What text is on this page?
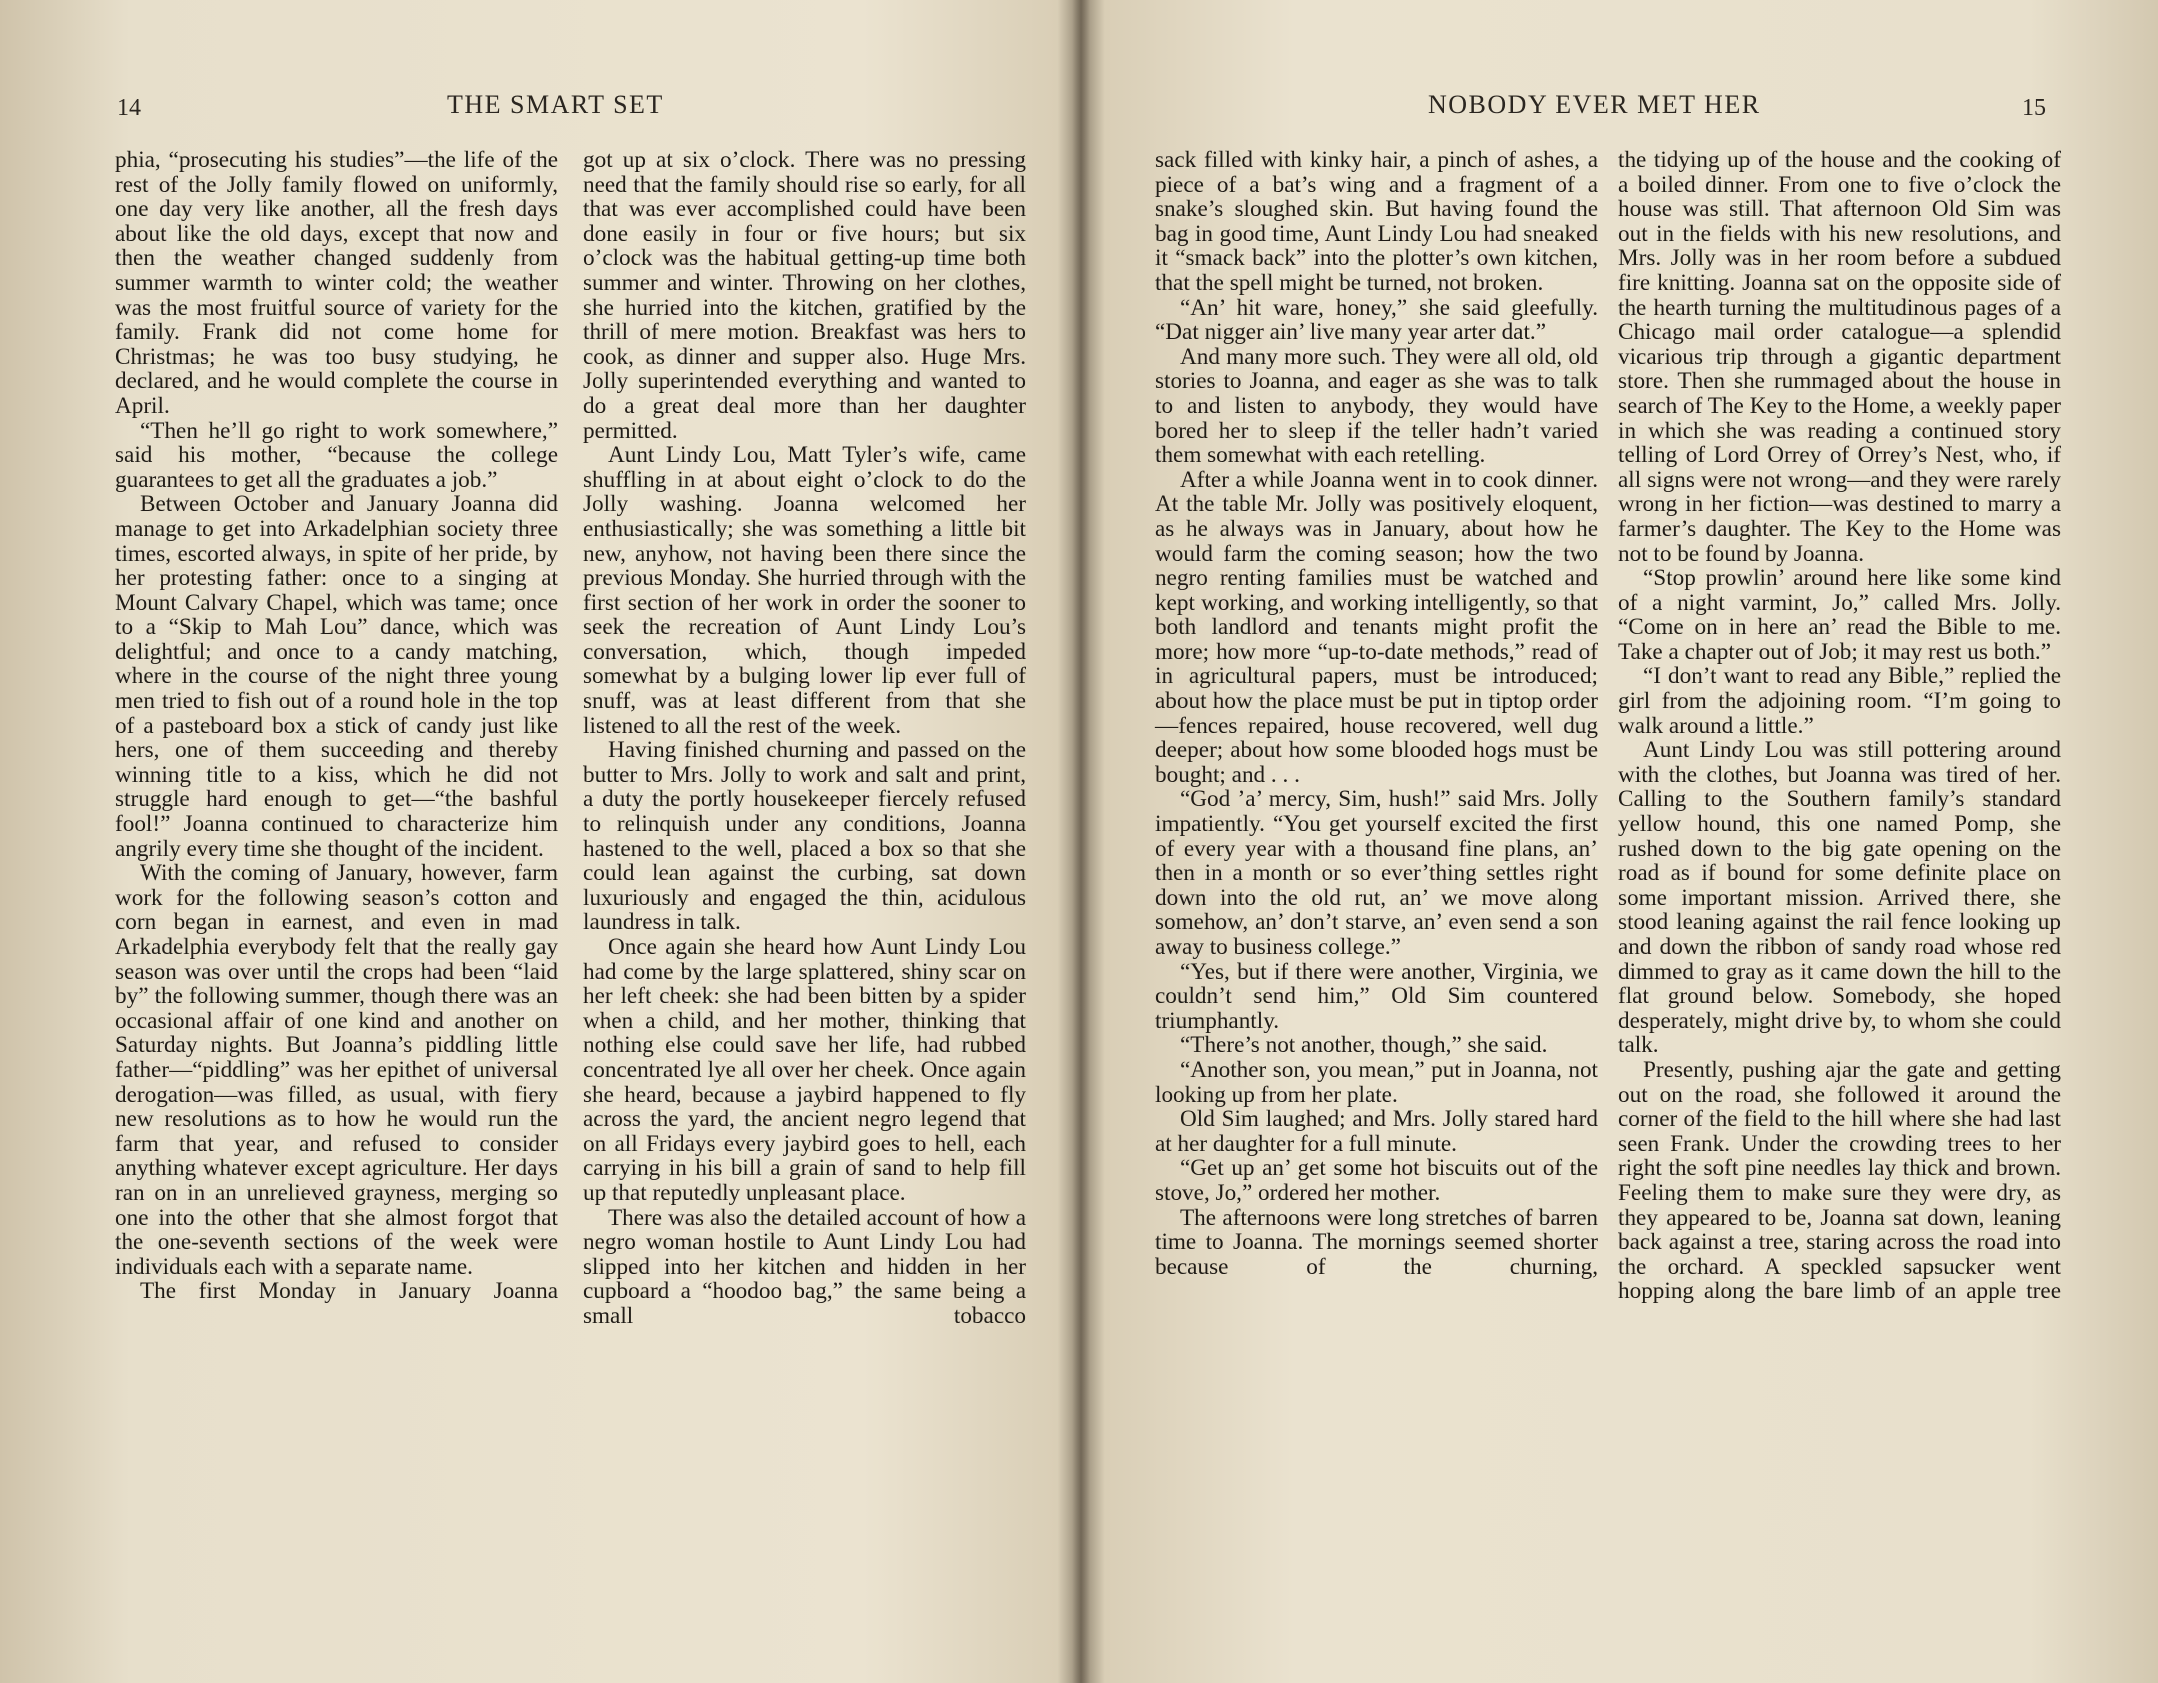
14	THE SMART SET

phia, “prosecuting his studies”—the life of the rest of the Jolly family flowed on uniformly, one day very like another, all the fresh days about like the old days, except that now and then the weather changed suddenly from summer warmth to winter cold; the weather was the most fruitful source of variety for the family. Frank did not come home for Christmas; he was too busy studying, he declared, and he would complete the course in April.

“Then he’ll go right to work somewhere,” said his mother, “because the college guarantees to get all the graduates a job.”

Between October and January Joanna did manage to get into Arkadelphian society three times, escorted always, in spite of her pride, by her protesting father: once to a singing at Mount Calvary Chapel, which was tame; once to a “Skip to Mah Lou” dance, which was delightful; and once to a candy matching, where in the course of the night three young men tried to fish out of a round hole in the top of a pasteboard box a stick of candy just like hers, one of them succeeding and thereby winning title to a kiss, which he did not struggle hard enough to get—“the bashful fool!” Joanna continued to characterize him angrily every time she thought of the incident.

With the coming of January, however, farm work for the following season’s cotton and corn began in earnest, and even in mad Arkadelphia everybody felt that the really gay season was over until the crops had been “laid by” the following summer, though there was an occasional affair of one kind and another on Saturday nights. But Joanna’s piddling little father—“piddling” was her epithet of universal derogation—was filled, as usual, with fiery new resolutions as to how he would run the farm that year, and refused to consider anything whatever except agriculture. Her days ran on in an unrelieved grayness, merging so one into the other that she almost forgot that the one-seventh sections of the week were individuals each with a separate name.

The first Monday in January Joanna

got up at six o’clock. There was no pressing need that the family should rise so early, for all that was ever accomplished could have been done easily in four or five hours; but six o’clock was the habitual getting-up time both summer and winter. Throwing on her clothes, she hurried into the kitchen, gratified by the thrill of mere motion. Breakfast was hers to cook, as dinner and supper also. Huge Mrs. Jolly superintended everything and wanted to do a great deal more than her daughter permitted.

Aunt Lindy Lou, Matt Tyler’s wife, came shuffling in at about eight o’clock to do the Jolly washing. Joanna welcomed her enthusiastically; she was something a little bit new, anyhow, not having been there since the previous Monday. She hurried through with the first section of her work in order the sooner to seek the recreation of Aunt Lindy Lou’s conversation, which, though impeded somewhat by a bulging lower lip ever full of snuff, was at least different from that she listened to all the rest of the week.

Having finished churning and passed on the butter to Mrs. Jolly to work and salt and print, a duty the portly housekeeper fiercely refused to relinquish under any conditions, Joanna hastened to the well, placed a box so that she could lean against the curbing, sat down luxuriously and engaged the thin, acidulous laundress in talk.

Once again she heard how Aunt Lindy Lou had come by the large splattered, shiny scar on her left cheek: she had been bitten by a spider when a child, and her mother, thinking that nothing else could save her life, had rubbed concentrated lye all over her cheek. Once again she heard, because a jaybird happened to fly across the yard, the ancient negro legend that on all Fridays every jaybird goes to hell, each carrying in his bill a grain of sand to help fill up that reputedly unpleasant place.

There was also the detailed account of how a negro woman hostile to Aunt Lindy Lou had slipped into her kitchen and hidden in her cupboard a “hoodoo bag,” the same being a small tobacco

NOBODY EVER MET HER	15

sack filled with kinky hair, a pinch of ashes, a piece of a bat’s wing and a fragment of a snake’s sloughed skin. But having found the bag in good time, Aunt Lindy Lou had sneaked it “smack back” into the plotter’s own kitchen, that the spell might be turned, not broken.

“An’ hit ware, honey,” she said gleefully. “Dat nigger ain’ live many year arter dat.”

And many more such. They were all old, old stories to Joanna, and eager as she was to talk to and listen to anybody, they would have bored her to sleep if the teller hadn’t varied them somewhat with each retelling.

After a while Joanna went in to cook dinner. At the table Mr. Jolly was positively eloquent, as he always was in January, about how he would farm the coming season; how the two negro renting families must be watched and kept working, and working intelligently, so that both landlord and tenants might profit the more; how more “up-to-date methods,” read of in agricultural papers, must be introduced; about how the place must be put in tiptop order—fences repaired, house recovered, well dug deeper; about how some blooded hogs must be bought; and . . .

“God ’a’ mercy, Sim, hush!” said Mrs. Jolly impatiently. “You get yourself excited the first of every year with a thousand fine plans, an’ then in a month or so ever’thing settles right down into the old rut, an’ we move along somehow, an’ don’t starve, an’ even send a son away to business college.”

“Yes, but if there were another, Virginia, we couldn’t send him,” Old Sim countered triumphantly.

“There’s not another, though,” she said.

“Another son, you mean,” put in Joanna, not looking up from her plate.

Old Sim laughed; and Mrs. Jolly stared hard at her daughter for a full minute.

“Get up an’ get some hot biscuits out of the stove, Jo,” ordered her mother.

The afternoons were long stretches of barren time to Joanna. The mornings seemed shorter because of the churning,

the tidying up of the house and the cooking of a boiled dinner. From one to five o’clock the house was still. That afternoon Old Sim was out in the fields with his new resolutions, and Mrs. Jolly was in her room before a subdued fire knitting. Joanna sat on the opposite side of the hearth turning the multitudinous pages of a Chicago mail order catalogue—a splendid vicarious trip through a gigantic department store. Then she rummaged about the house in search of The Key to the Home, a weekly paper in which she was reading a continued story telling of Lord Orrey of Orrey’s Nest, who, if all signs were not wrong—and they were rarely wrong in her fiction—was destined to marry a farmer’s daughter. The Key to the Home was not to be found by Joanna.

“Stop prowlin’ around here like some kind of a night varmint, Jo,” called Mrs. Jolly. “Come on in here an’ read the Bible to me. Take a chapter out of Job; it may rest us both.”

“I don’t want to read any Bible,” replied the girl from the adjoining room. “I’m going to walk around a little.”

Aunt Lindy Lou was still pottering around with the clothes, but Joanna was tired of her. Calling to the Southern family’s standard yellow hound, this one named Pomp, she rushed down to the big gate opening on the road as if bound for some definite place on some important mission. Arrived there, she stood leaning against the rail fence looking up and down the ribbon of sandy road whose red dimmed to gray as it came down the hill to the flat ground below. Somebody, she hoped desperately, might drive by, to whom she could talk.

Presently, pushing ajar the gate and getting out on the road, she followed it around the corner of the field to the hill where she had last seen Frank. Under the crowding trees to her right the soft pine needles lay thick and brown. Feeling them to make sure they were dry, as they appeared to be, Joanna sat down, leaning back against a tree, staring across the road into the orchard. A speckled sapsucker went hopping along the bare limb of an apple tree
